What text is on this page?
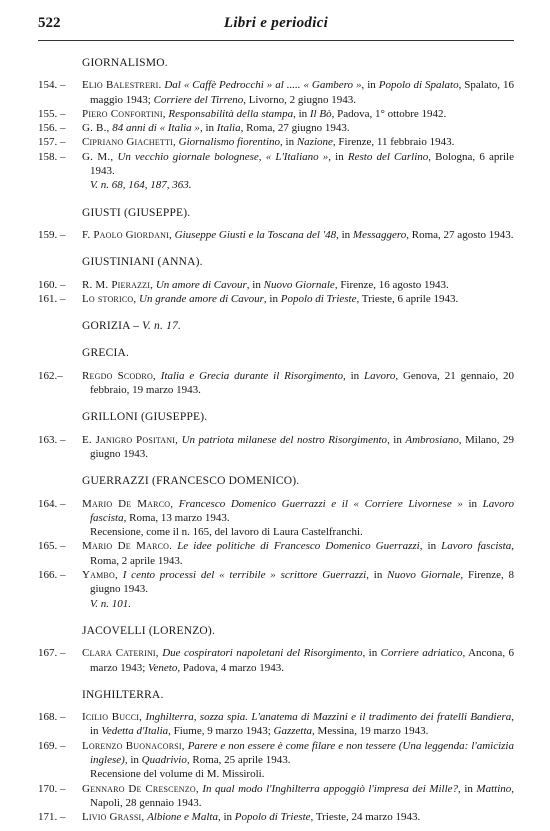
522	Libri e periodici
GIORNALISMO.
154. –	Elio Balestreri. Dal « Caffè Pedrocchi » al ..... « Gambero », in Popolo di Spalato, Spalato, 16 maggio 1943; Corriere del Tirreno, Livorno, 2 giugno 1943.
155. –	Piero Confortini, Responsabilità della stampa, in Il Bò, Padova, 1° ottobre 1942.
156. –	G. B., 84 anni di « Italia », in Italia, Roma, 27 giugno 1943.
157. –	Cipriano Giachetti, Giornalismo fiorentino, in Nazione, Firenze, 11 febbraio 1943.
158. –	G. M., Un vecchio giornale bolognese, « L'Italiano », in Resto del Carlino, Bologna, 6 aprile 1943.
V. n. 68, 164, 187, 363.
GIUSTI (GIUSEPPE).
159. –	F. Paolo Giordani, Giuseppe Giusti e la Toscana del '48, in Messaggero, Roma, 27 agosto 1943.
GIUSTINIANI (ANNA).
160. –	R. M. Pierazzi, Un amore di Cavour, in Nuovo Giornale, Firenze, 16 agosto 1943.
161. –	Lo storico, Un grande amore di Cavour, in Popolo di Trieste, Trieste, 6 aprile 1943.
GORIZIA – V. n. 17.
GRECIA.
162.–	Regdo Scodro, Italia e Grecia durante il Risorgimento, in Lavoro, Genova, 21 gennaio, 20 febbraio, 19 marzo 1943.
GRILLONI (GIUSEPPE).
163. –	E. Janigro Positani, Un patriota milanese del nostro Risorgimento, in Ambrosiano, Milano, 29 giugno 1943.
GUERRAZZI (FRANCESCO DOMENICO).
164. –	Mario De Marco, Francesco Domenico Guerrazzi e il « Corriere Livornese » in Lavoro fascista, Roma, 13 marzo 1943.
Recensione, come il n. 165, del lavoro di Laura Castelfranchi.
165. –	Mario De Marco. Le idee politiche di Francesco Domenico Guerrazzi, in Lavoro fascista, Roma, 2 aprile 1943.
166. –	Yambo, I cento processi del « terribile » scrittore Guerrazzi, in Nuovo Giornale, Firenze, 8 giugno 1943.
V. n. 101.
JACOVELLI (LORENZO).
167. –	Clara Caterini, Due cospiratori napoletani del Risorgimento, in Corriere adriatico, Ancona, 6 marzo 1943; Veneto, Padova, 4 marzo 1943.
INGHILTERRA.
168. –	Icilio Bucci, Inghilterra, sozza spia. L'anatema di Mazzini e il tradimento dei fratelli Bandiera, in Vedetta d'Italia, Fiume, 9 marzo 1943; Gazzetta, Messina, 19 marzo 1943.
169. –	Lorenzo Buonacorsi, Parere e non essere è come filare e non tessere (Una leggenda: l'amicizia inglese), in Quadrivio, Roma, 25 aprile 1943.
Recensione del volume di M. Missiroli.
170. –	Gennaro De Crescenzo, In qual modo l'Inghilterra appoggiò l'impresa dei Mille?, in Mattino, Napoli, 28 gennaio 1943.
171. –	Livio Grassi, Albione e Malta, in Popolo di Trieste, Trieste, 24 marzo 1943.
